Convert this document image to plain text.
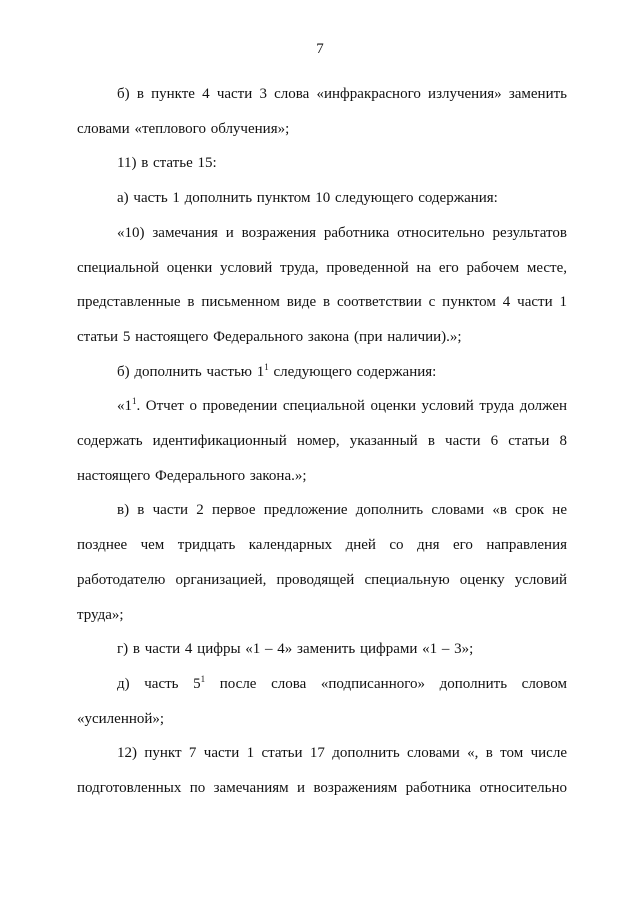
7

б) в пункте 4 части 3 слова «инфракрасного излучения» заменить словами «теплового облучения»;

11) в статье 15:

а) часть 1 дополнить пунктом 10 следующего содержания:

«10) замечания и возражения работника относительно результатов специальной оценки условий труда, проведенной на его рабочем месте, представленные в письменном виде в соответствии с пунктом 4 части 1 статьи 5 настоящего Федерального закона (при наличии).»;

б) дополнить частью $1^1$ следующего содержания:

«$1^1$. Отчет о проведении специальной оценки условий труда должен содержать идентификационный номер, указанный в части 6 статьи 8 настоящего Федерального закона.»;

в) в части 2 первое предложение дополнить словами «в срок не позднее чем тридцать календарных дней со дня его направления работодателю организацией, проводящей специальную оценку условий труда»;

г) в части 4 цифры «1 – 4» заменить цифрами «1 – 3»;

д) часть $5^1$ после слова «подписанного» дополнить словом «усиленной»;

12) пункт 7 части 1 статьи 17 дополнить словами «, в том числе подготовленных по замечаниям и возражениям работника относительно
